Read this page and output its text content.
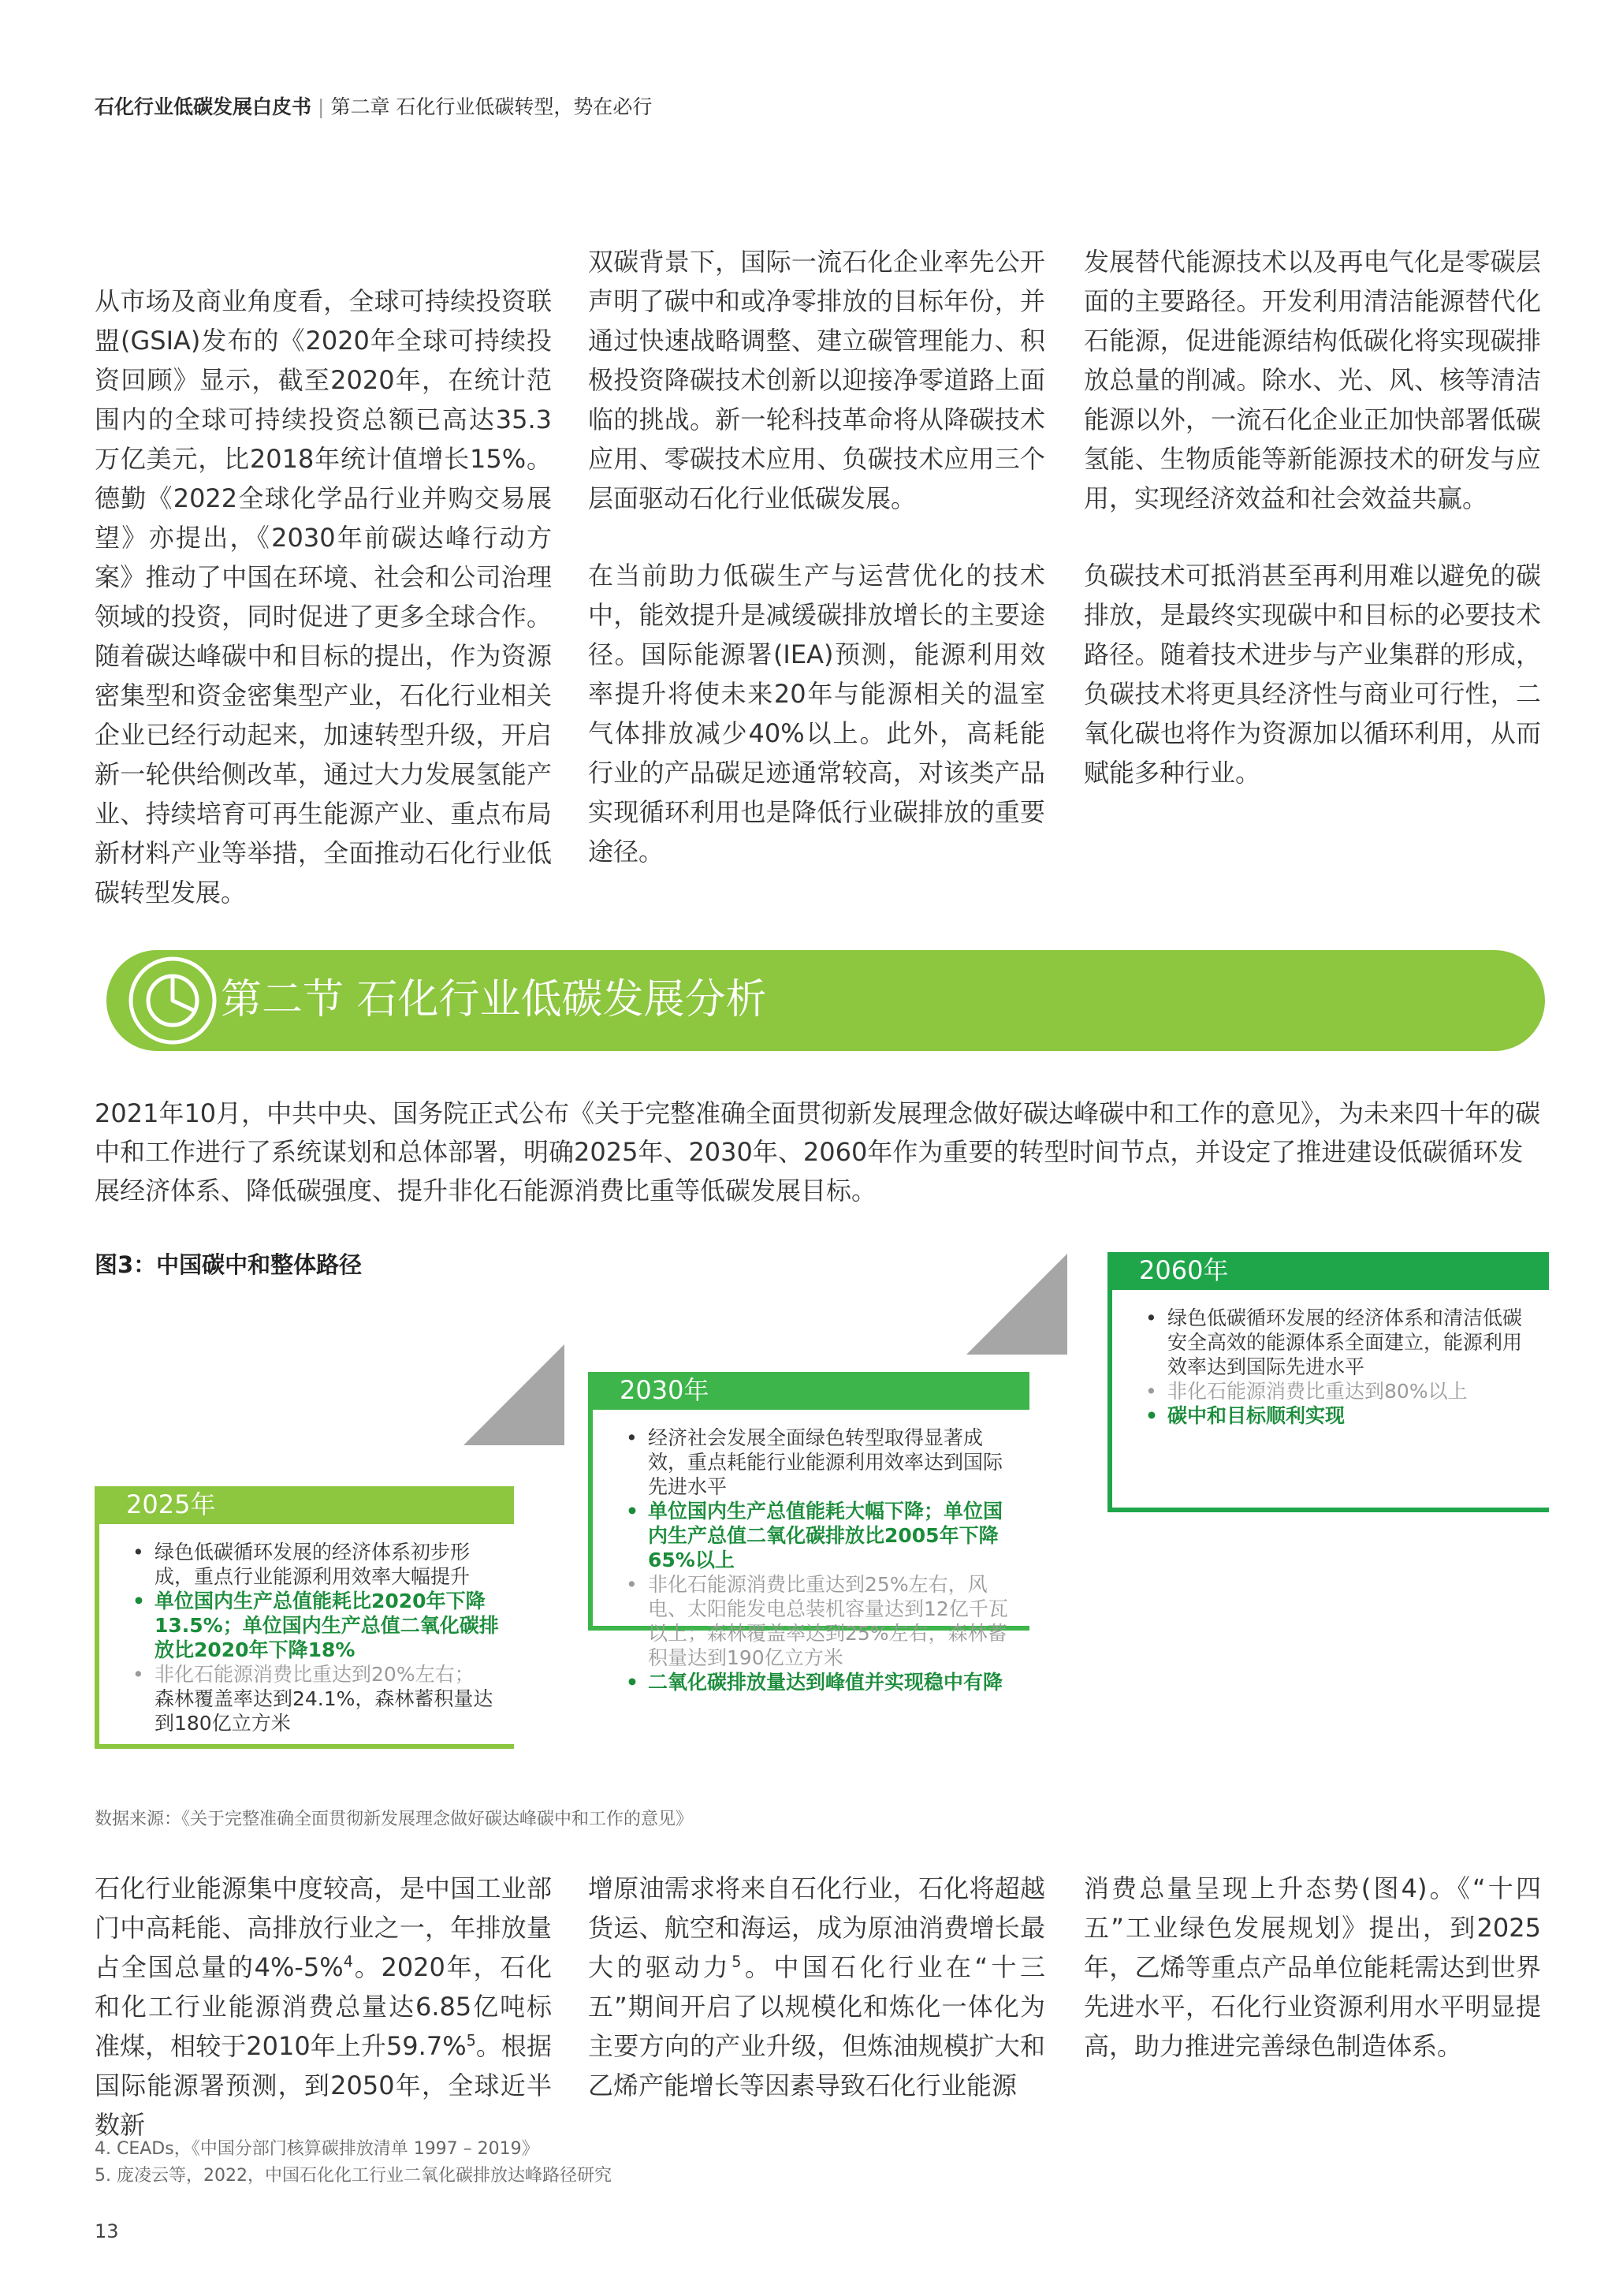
石化行业低碳发展白皮书 | 第二章 石化行业低碳转型，势在必行

从市场及商业角度看，全球可持续投资联盟(GSIA)发布的《2020年全球可持续投资回顾》显示，截至2020年，在统计范围内的全球可持续投资总额已高达35.3万亿美元，比2018年统计值增长15%。德勤《2022全球化学品行业并购交易展望》亦提出，《2030年前碳达峰行动方案》推动了中国在环境、社会和公司治理领域的投资，同时促进了更多全球合作。随着碳达峰碳中和目标的提出，作为资源密集型和资金密集型产业，石化行业相关企业已经行动起来，加速转型升级，开启新一轮供给侧改革，通过大力发展氢能产业、持续培育可再生能源产业、重点布局新材料产业等举措，全面推动石化行业低碳转型发展。

双碳背景下，国际一流石化企业率先公开声明了碳中和或净零排放的目标年份，并通过快速战略调整、建立碳管理能力、积极投资降碳技术创新以迎接净零道路上面临的挑战。新一轮科技革命将从降碳技术应用、零碳技术应用、负碳技术应用三个层面驱动石化行业低碳发展。

在当前助力低碳生产与运营优化的技术中，能效提升是减缓碳排放增长的主要途径。国际能源署(IEA)预测，能源利用效率提升将使未来20年与能源相关的温室气体排放减少40%以上。此外，高耗能行业的产品碳足迹通常较高，对该类产品实现循环利用也是降低行业碳排放的重要途径。

发展替代能源技术以及再电气化是零碳层面的主要路径。开发利用清洁能源替代化石能源，促进能源结构低碳化将实现碳排放总量的削减。除水、光、风、核等清洁能源以外，一流石化企业正加快部署低碳氢能、生物质能等新能源技术的研发与应用，实现经济效益和社会效益共赢。

负碳技术可抵消甚至再利用难以避免的碳排放，是最终实现碳中和目标的必要技术路径。随着技术进步与产业集群的形成，负碳技术将更具经济性与商业可行性，二氧化碳也将作为资源加以循环利用，从而赋能多种行业。

第二节 石化行业低碳发展分析
2021年10月，中共中央、国务院正式公布《关于完整准确全面贯彻新发展理念做好碳达峰碳中和工作的意见》，为未来四十年的碳中和工作进行了系统谋划和总体部署，明确2025年、2030年、2060年作为重要的转型时间节点，并设定了推进建设低碳循环发展经济体系、降低碳强度、提升非化石能源消费比重等低碳发展目标。
图3：中国碳中和整体路径
2025年
• 绿色低碳循环发展的经济体系初步形成，重点行业能源利用效率大幅提升
• 单位国内生产总值能耗比2020年下降13.5%；单位国内生产总值二氧化碳排放比2020年下降18%
• 非化石能源消费比重达到20%左右；
森林覆盖率达到24.1%，森林蓄积量达到180亿立方米
2030年
• 经济社会发展全面绿色转型取得显著成效，重点耗能行业能源利用效率达到国际先进水平
• 单位国内生产总值能耗大幅下降；单位国内生产总值二氧化碳排放比2005年下降65%以上
• 非化石能源消费比重达到25%左右，风电、太阳能发电总装机容量达到12亿千瓦以上；森林覆盖率达到25%左右，森林蓄积量达到190亿立方米
• 二氧化碳排放量达到峰值并实现稳中有降
2060年
• 绿色低碳循环发展的经济体系和清洁低碳安全高效的能源体系全面建立，能源利用效率达到国际先进水平
• 非化石能源消费比重达到80%以上
• 碳中和目标顺利实现
数据来源：《关于完整准确全面贯彻新发展理念做好碳达峰碳中和工作的意见》

石化行业能源集中度较高，是中国工业部门中高耗能、高排放行业之一，年排放量占全国总量的4%-5%$^4$。2020年，石化和化工行业能源消费总量达6.85亿吨标准煤，相较于2010年上升59.7%$^5$。根据国际能源署预测，到2050年，全球近半数新

增原油需求将来自石化行业，石化将超越货运、航空和海运，成为原油消费增长最大的驱动力$^5$。中国石化行业在“十三五”期间开启了以规模化和炼化一体化为主要方向的产业升级，但炼油规模扩大和乙烯产能增长等因素导致石化行业能源

消费总量呈现上升态势(图4)。《“十四五”工业绿色发展规划》提出，到2025年，乙烯等重点产品单位能耗需达到世界先进水平，石化行业资源利用水平明显提高，助力推进完善绿色制造体系。

4. CEADs，《中国分部门核算碳排放清单 1997 – 2019》
5. 庞凌云等，2022，中国石化化工行业二氧化碳排放达峰路径研究
13
